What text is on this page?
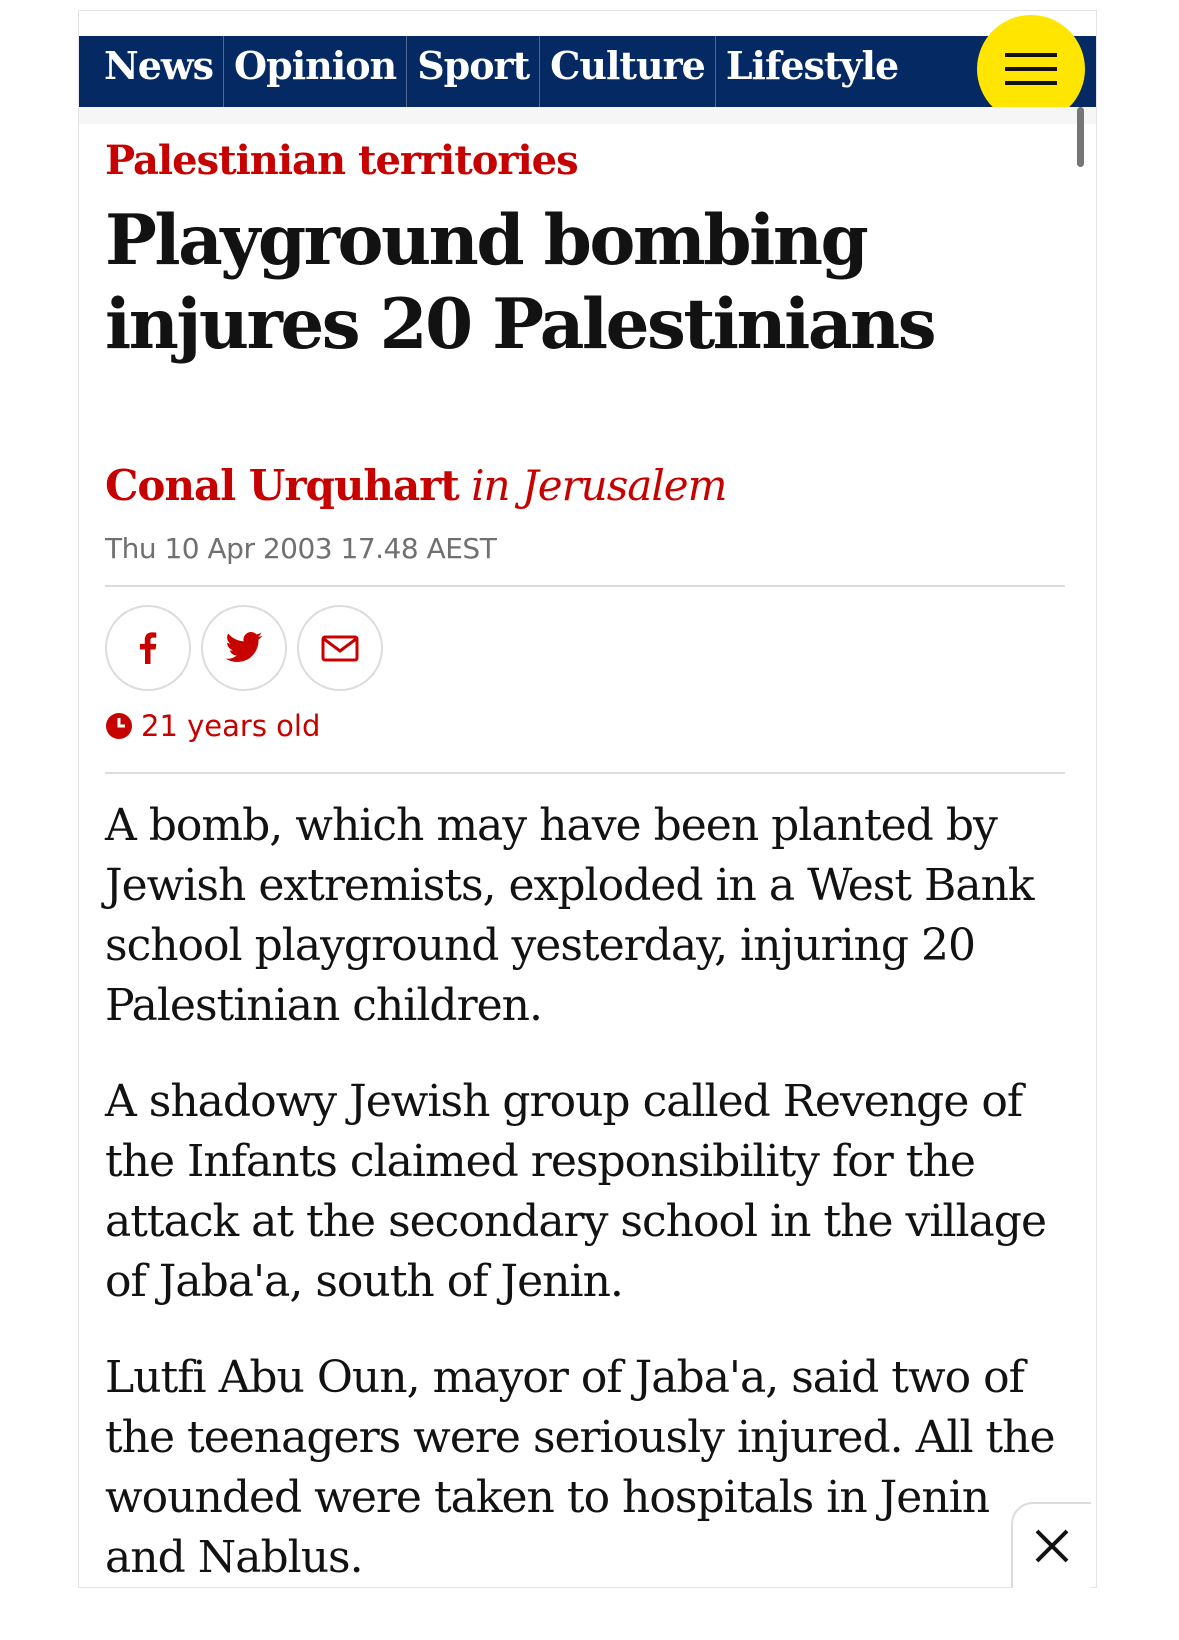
News Opinion Sport Culture Lifestyle
Palestinian territories
Playground bombing injures 20 Palestinians
Conal Urquhart in Jerusalem
Thu 10 Apr 2003 17.48 AEST
21 years old

A bomb, which may have been planted by Jewish extremists, exploded in a West Bank school playground yesterday, injuring 20 Palestinian children.

A shadowy Jewish group called Revenge of the Infants claimed responsibility for the attack at the secondary school in the village of Jaba'a, south of Jenin.

Lutfi Abu Oun, mayor of Jaba'a, said two of the teenagers were seriously injured. All the wounded were taken to hospitals in Jenin and Nablus.
